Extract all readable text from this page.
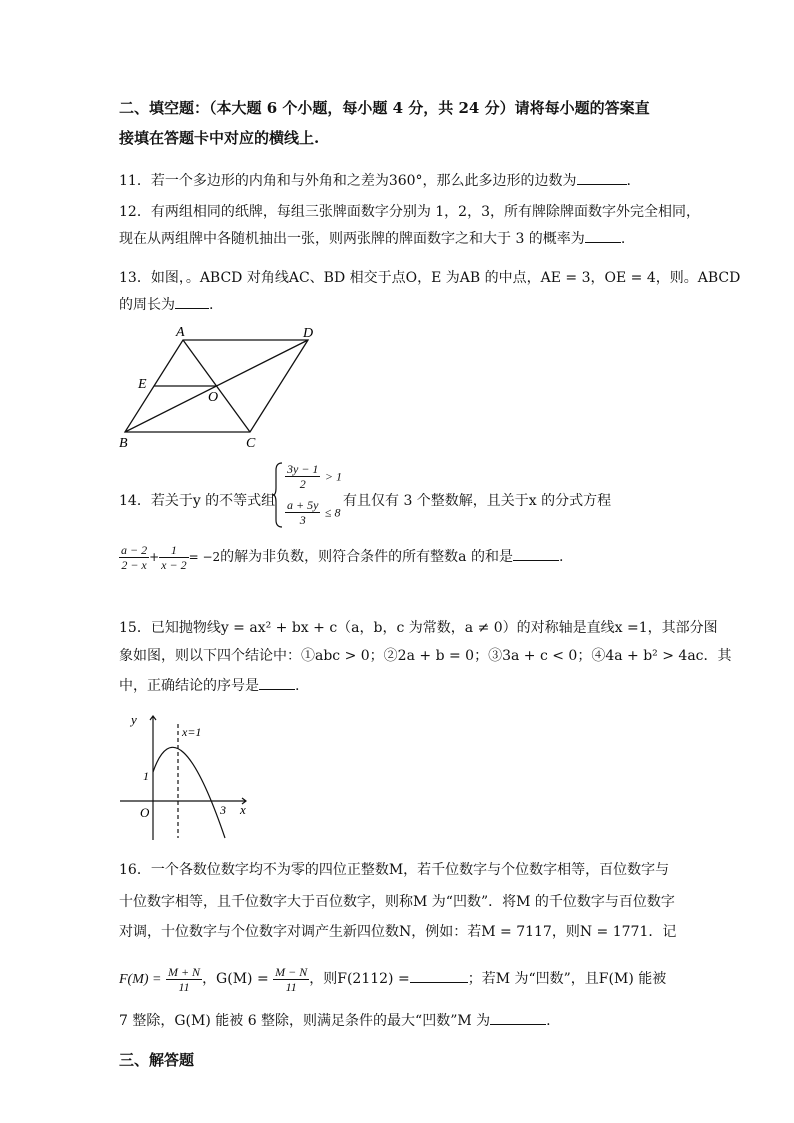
二、填空题：（本大题 6 个小题，每小题 4 分，共 24 分）请将每小题的答案直
接填在答题卡中对应的横线上.
11．若一个多边形的内角和与外角和之差为360°，那么此多边形的边数为	.
12．有两组相同的纸牌，每组三张牌面数字分别为 1，2，3，所有牌除牌面数字外完全相同，
现在从两组牌中各随机抽出一张，则两张牌的牌面数字之和大于 3 的概率为	.
13．如图，。ABCD 对角线AC、BD 相交于点O，E 为AB 的中点，AE = 3，OE = 4，则。ABCD
的周长为 .
A	D
E
O
B	C
14．若关于y 的不等式组
$\frac{3y - 1}{2} > 1$
$\frac{a + 5y}{3} \le 8$
有且仅有 3 个整数解，且关于x 的分式方程
$\frac{a - 2}{2 - x} + \frac{1}{x - 2} = -2$的解为非负数，则符合条件的所有整数a 的和是	.
15．已知抛物线y = ax² + bx + c（a，b，c 为常数，a ≠ 0）的对称轴是直线x =1，其部分图
象如图，则以下四个结论中：①abc > 0；②2a + b = 0；③3a + c < 0；④4a + b² > 4ac．其
中，正确结论的序号是	.
y
x
x=1
1
O	3
16．一个各数位数字均不为零的四位正整数M，若千位数字与个位数字相等，百位数字与
十位数字相等，且千位数字大于百位数字，则称M 为“凹数”．将M 的千位数字与百位数字
对调，十位数字与个位数字对调产生新四位数N，例如：若M = 7117，则N = 1771．记
$F(M) = \frac{M + N}{11}$ ，$G(M) = \frac{M - N}{11}$ ，则F(2112) =	；若M 为“凹数”，且F(M) 能被
7 整除，G(M) 能被 6 整除，则满足条件的最大“凹数”M 为	.
三、解答题
